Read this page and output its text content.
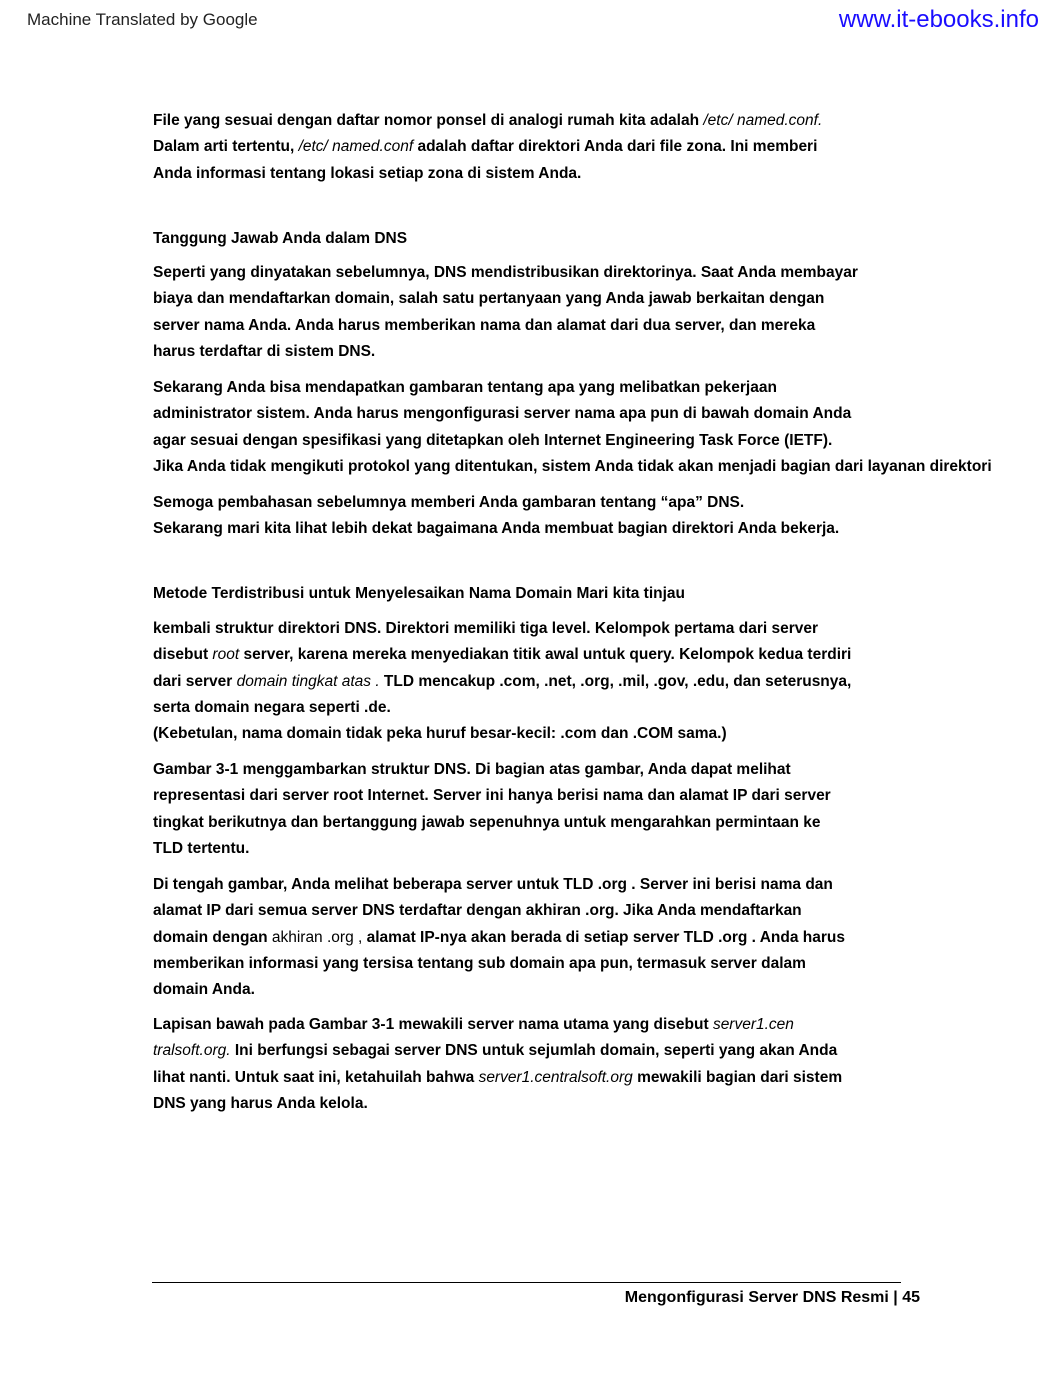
Machine Translated by Google	www.it-ebooks.info

File yang sesuai dengan daftar nomor ponsel di analogi rumah kita adalah /etc/ named.conf.
Dalam arti tertentu, /etc/ named.conf adalah daftar direktori Anda dari file zona. Ini memberi
Anda informasi tentang lokasi setiap zona di sistem Anda.

Tanggung Jawab Anda dalam DNS

Seperti yang dinyatakan sebelumnya, DNS mendistribusikan direktorinya. Saat Anda membayar
biaya dan mendaftarkan domain, salah satu pertanyaan yang Anda jawab berkaitan dengan
server nama Anda. Anda harus memberikan nama dan alamat dari dua server, dan mereka
harus terdaftar di sistem DNS.

Sekarang Anda bisa mendapatkan gambaran tentang apa yang melibatkan pekerjaan
administrator sistem. Anda harus mengonfigurasi server nama apa pun di bawah domain Anda
agar sesuai dengan spesifikasi yang ditetapkan oleh Internet Engineering Task Force (IETF).
Jika Anda tidak mengikuti protokol yang ditentukan, sistem Anda tidak akan menjadi bagian dari layanan direktori

Semoga pembahasan sebelumnya memberi Anda gambaran tentang “apa” DNS.
Sekarang mari kita lihat lebih dekat bagaimana Anda membuat bagian direktori Anda bekerja.

Metode Terdistribusi untuk Menyelesaikan Nama Domain Mari kita tinjau

kembali struktur direktori DNS. Direktori memiliki tiga level. Kelompok pertama dari server
disebut root server, karena mereka menyediakan titik awal untuk query. Kelompok kedua terdiri
dari server domain tingkat atas . TLD mencakup .com, .net, .org, .mil, .gov, .edu, dan seterusnya,
serta domain negara seperti .de.
(Kebetulan, nama domain tidak peka huruf besar-kecil: .com dan .COM sama.)

Gambar 3-1 menggambarkan struktur DNS. Di bagian atas gambar, Anda dapat melihat
representasi dari server root Internet. Server ini hanya berisi nama dan alamat IP dari server
tingkat berikutnya dan bertanggung jawab sepenuhnya untuk mengarahkan permintaan ke
TLD tertentu.

Di tengah gambar, Anda melihat beberapa server untuk TLD .org . Server ini berisi nama dan
alamat IP dari semua server DNS terdaftar dengan akhiran .org. Jika Anda mendaftarkan
domain dengan akhiran .org , alamat IP-nya akan berada di setiap server TLD .org . Anda harus
memberikan informasi yang tersisa tentang sub domain apa pun, termasuk server dalam
domain Anda.

Lapisan bawah pada Gambar 3-1 mewakili server nama utama yang disebut server1.cen
tralsoft.org. Ini berfungsi sebagai server DNS untuk sejumlah domain, seperti yang akan Anda
lihat nanti. Untuk saat ini, ketahuilah bahwa server1.centralsoft.org mewakili bagian dari sistem
DNS yang harus Anda kelola.

Mengonfigurasi Server DNS Resmi | 45
